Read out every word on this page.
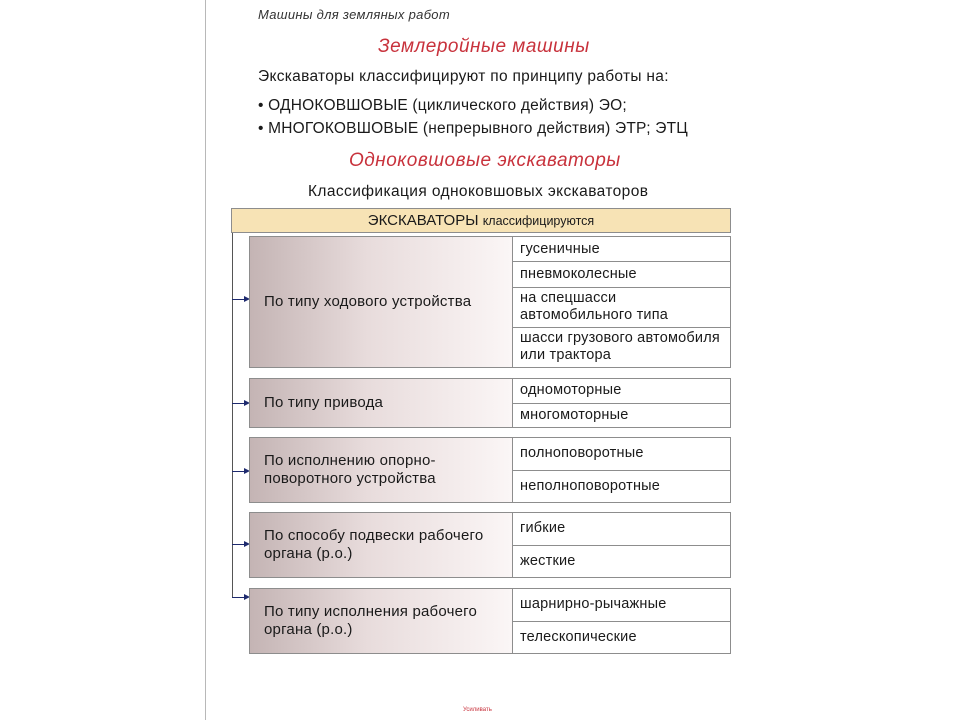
Машины для земляных работ
Землеройные машины
Экскаваторы классифицируют по принципу работы на:
• ОДНОКОВШОВЫЕ (циклического действия) ЭО;
• МНОГОКОВШОВЫЕ (непрерывного действия) ЭТР; ЭТЦ
Одноковшовые экскаваторы
Классификация одноковшовых экскаваторов
ЭКСКАВАТОРЫ классифицируются
По типу ходового устройства
гусеничные
пневмоколесные
на спецшасси автомобильного типа
шасси грузового автомобиля или трактора
По типу привода
одномоторные
многомоторные
По исполнению опорно-поворотного устройства
полноповоротные
неполноповоротные
По способу подвески рабочего органа (р.о.)
гибкие
жесткие
По типу исполнения рабочего органа (р.о.)
шарнирно-рычажные
телескопические
Усиливать
